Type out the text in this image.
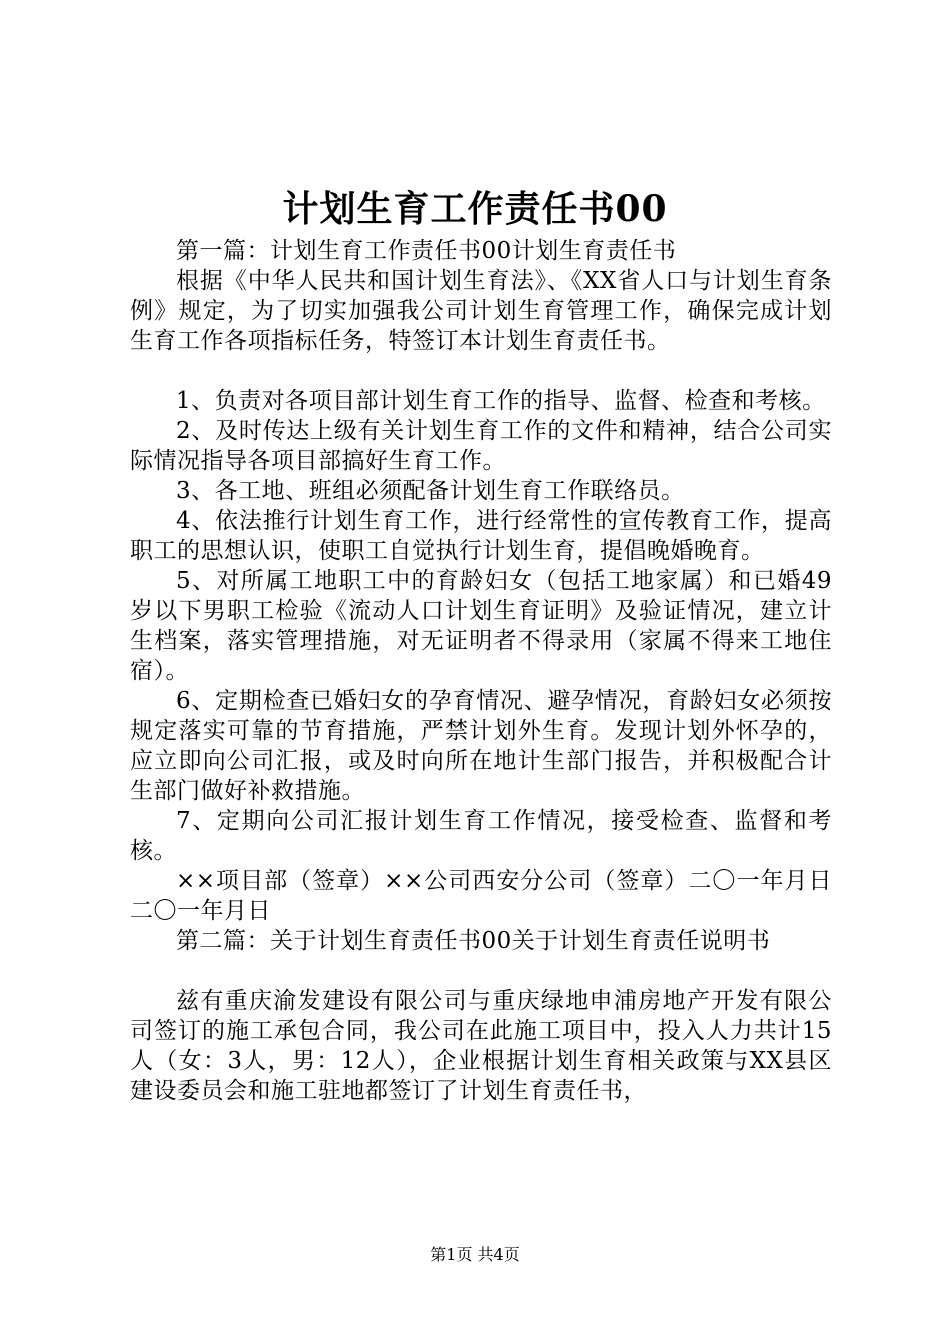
计划生育工作责任书00

第一篇：计划生育工作责任书00计划生育责任书

根据《中华人民共和国计划生育法》、《XX省人口与计划生育条例》规定，为了切实加强我公司计划生育管理工作，确保完成计划生育工作各项指标任务，特签订本计划生育责任书。

1、负责对各项目部计划生育工作的指导、监督、检查和考核。

2、及时传达上级有关计划生育工作的文件和精神，结合公司实际情况指导各项目部搞好生育工作。

3、各工地、班组必须配备计划生育工作联络员。

4、依法推行计划生育工作，进行经常性的宣传教育工作，提高职工的思想认识，使职工自觉执行计划生育，提倡晚婚晚育。

5、对所属工地职工中的育龄妇女（包括工地家属）和已婚49岁以下男职工检验《流动人口计划生育证明》及验证情况，建立计生档案，落实管理措施，对无证明者不得录用（家属不得来工地住宿）。

6、定期检查已婚妇女的孕育情况、避孕情况，育龄妇女必须按规定落实可靠的节育措施，严禁计划外生育。发现计划外怀孕的，应立即向公司汇报，或及时向所在地计生部门报告，并积极配合计生部门做好补救措施。

7、定期向公司汇报计划生育工作情况，接受检查、监督和考核。

××项目部（签章）××公司西安分公司（签章）二〇一年月日二〇一年月日

第二篇：关于计划生育责任书00关于计划生育责任说明书

兹有重庆渝发建设有限公司与重庆绿地申浦房地产开发有限公司签订的施工承包合同，我公司在此施工项目中，投入人力共计15人（女：3人，男：12人），企业根据计划生育相关政策与XX县区建设委员会和施工驻地都签订了计划生育责任书，

第1页 共4页
